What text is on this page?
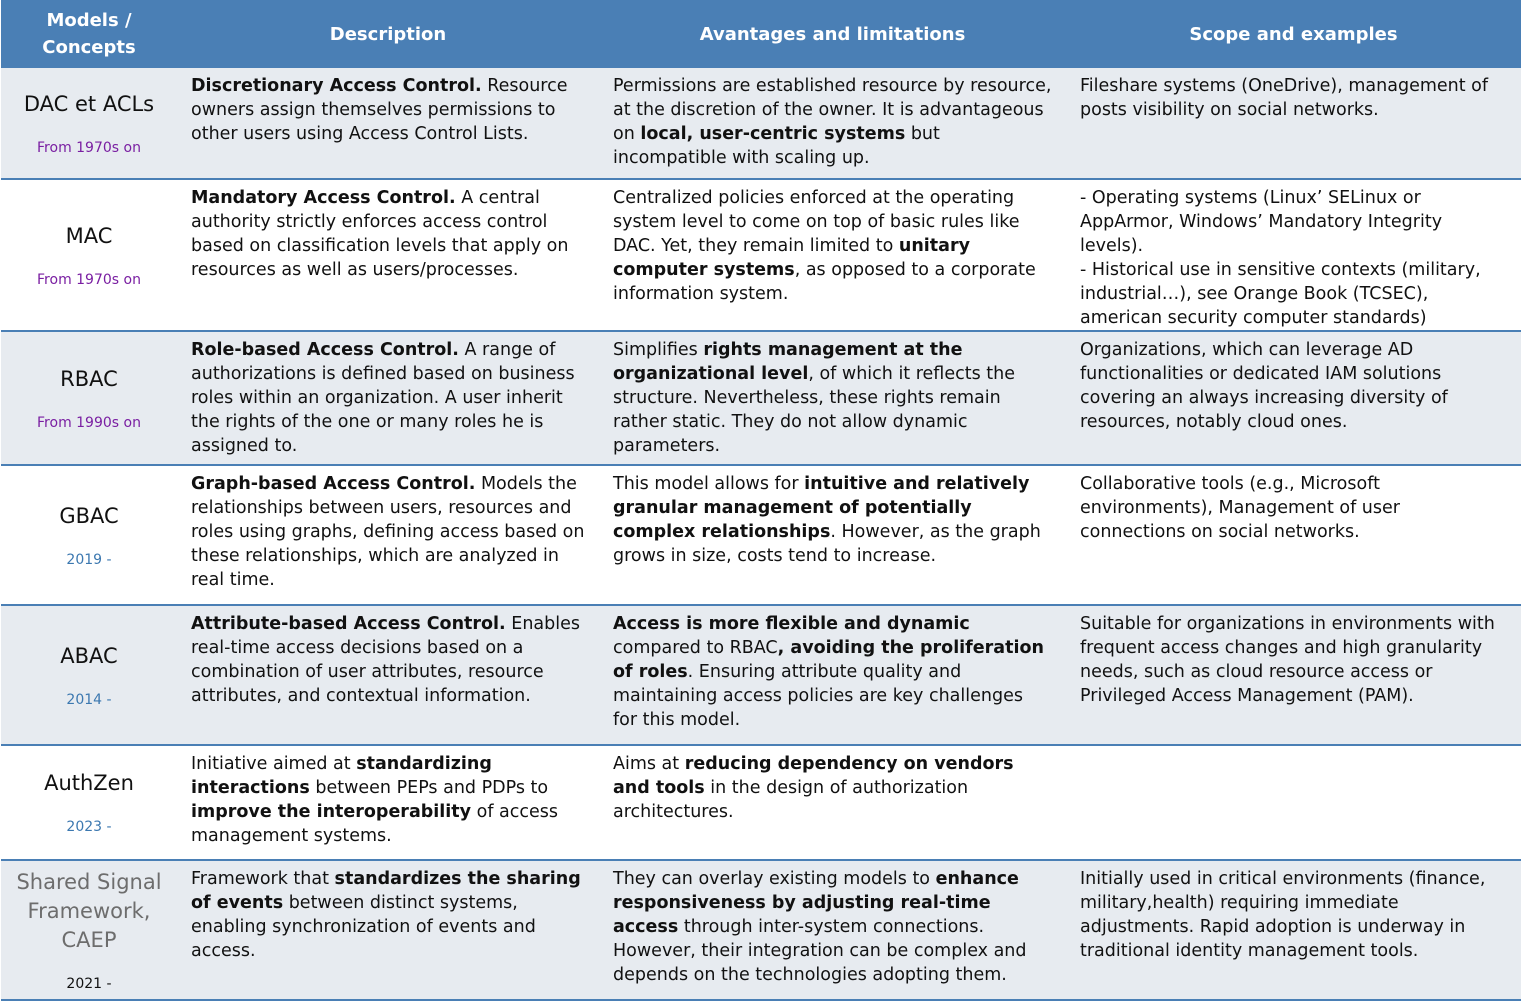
Models / Concepts	Description	Avantages and limitations	Scope and examples

DAC et ACLs
From 1970s on	Discretionary Access Control. Resource owners assign themselves permissions to other users using Access Control Lists.	Permissions are established resource by resource, at the discretion of the owner. It is advantageous on local, user-centric systems but incompatible with scaling up.	Fileshare systems (OneDrive), management of posts visibility on social networks.

MAC
From 1970s on	Mandatory Access Control. A central authority strictly enforces access control based on classification levels that apply on resources as well as users/processes.	Centralized policies enforced at the operating system level to come on top of basic rules like DAC. Yet, they remain limited to unitary computer systems, as opposed to a corporate information system.	- Operating systems (Linux’ SELinux or AppArmor, Windows’ Mandatory Integrity levels).
- Historical use in sensitive contexts (military, industrial…), see Orange Book (TCSEC), american security computer standards)

RBAC
From 1990s on	Role-based Access Control. A range of authorizations is defined based on business roles within an organization. A user inherit the rights of the one or many roles he is assigned to.	Simplifies rights management at the organizational level, of which it reflects the structure. Nevertheless, these rights remain rather static. They do not allow dynamic parameters.	Organizations, which can leverage AD functionalities or dedicated IAM solutions covering an always increasing diversity of resources, notably cloud ones.

GBAC
2019 -	Graph-based Access Control. Models the relationships between users, resources and roles using graphs, defining access based on these relationships, which are analyzed in real time.	This model allows for intuitive and relatively granular management of potentially complex relationships. However, as the graph grows in size, costs tend to increase.	Collaborative tools (e.g., Microsoft environments), Management of user connections on social networks.

ABAC
2014 -	Attribute-based Access Control. Enables real-time access decisions based on a combination of user attributes, resource attributes, and contextual information.	Access is more flexible and dynamic compared to RBAC, avoiding the proliferation of roles. Ensuring attribute quality and maintaining access policies are key challenges for this model.	Suitable for organizations in environments with frequent access changes and high granularity needs, such as cloud resource access or Privileged Access Management (PAM).

AuthZen
2023 -	Initiative aimed at standardizing interactions between PEPs and PDPs to improve the interoperability of access management systems.	Aims at reducing dependency on vendors and tools in the design of authorization architectures.	

Shared Signal Framework, CAEP
2021 -	Framework that standardizes the sharing of events between distinct systems, enabling synchronization of events and access.	They can overlay existing models to enhance responsiveness by adjusting real-time access through inter-system connections. However, their integration can be complex and depends on the technologies adopting them.	Initially used in critical environments (finance, military,health) requiring immediate adjustments. Rapid adoption is underway in traditional identity management tools.
